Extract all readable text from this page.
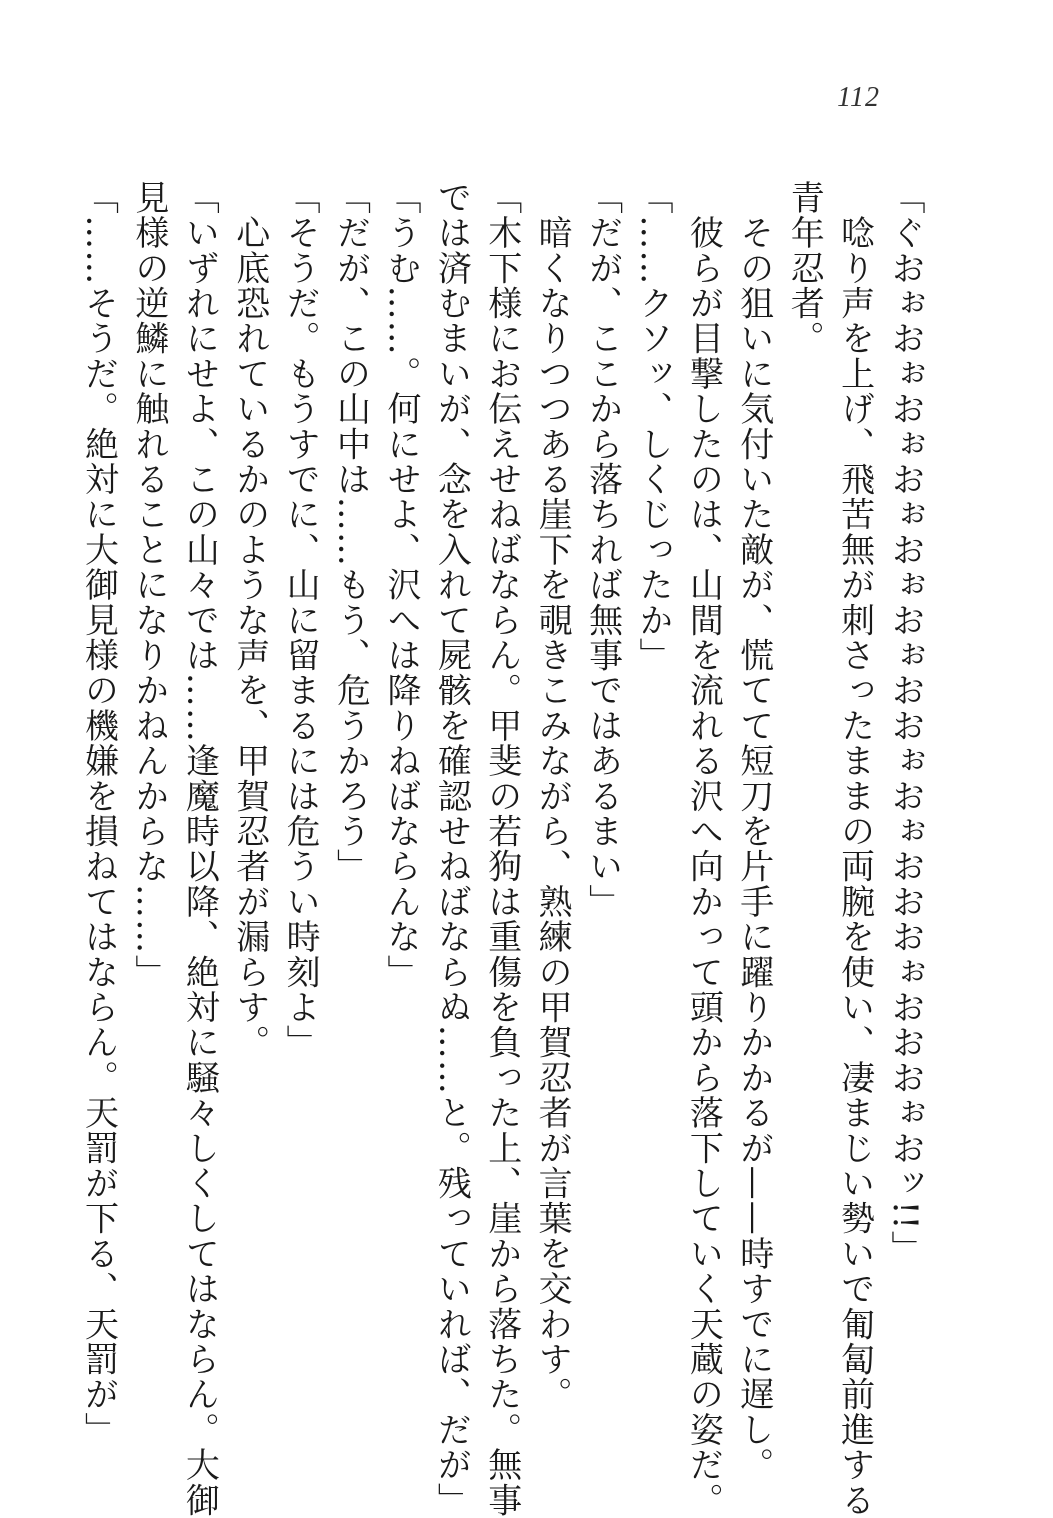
112

「ぐおぉおぉおぉおぉおぉおぉおおぉおぉおおおぉおおおぉおッ!!」

　唸り声を上げ、飛苦無が刺さったままの両腕を使い、凄まじい勢いで匍匐前進する

青年忍者。

　その狙いに気付いた敵が、慌てて短刀を片手に躍りかかるが——時すでに遅し。

　彼らが目撃したのは、山間を流れる沢へ向かって頭から落下していく天蔵の姿だ。

「……クソッ、しくじったか」

「だが、ここから落ちれば無事ではあるまい」

　暗くなりつつある崖下を覗きこみながら、熟練の甲賀忍者が言葉を交わす。

「木下様にお伝えせねばならん。甲斐の若狗は重傷を負った上、崖から落ちた。無事

では済むまいが、念を入れて屍骸を確認せねばならぬ……と。残っていれば、だが」

「うむ……。何にせよ、沢へは降りねばならんな」

「だが、この山中は……もう、危うかろう」

「そうだ。もうすでに、山に留まるには危うい時刻よ」

　心底恐れているかのような声を、甲賀忍者が漏らす。

「いずれにせよ、この山々では……逢魔時以降、絶対に騒々しくしてはならん。大御

見様の逆鱗に触れることになりかねんからな……」

「……そうだ。絶対に大御見様の機嫌を損ねてはならん。天罰が下る、天罰が」
